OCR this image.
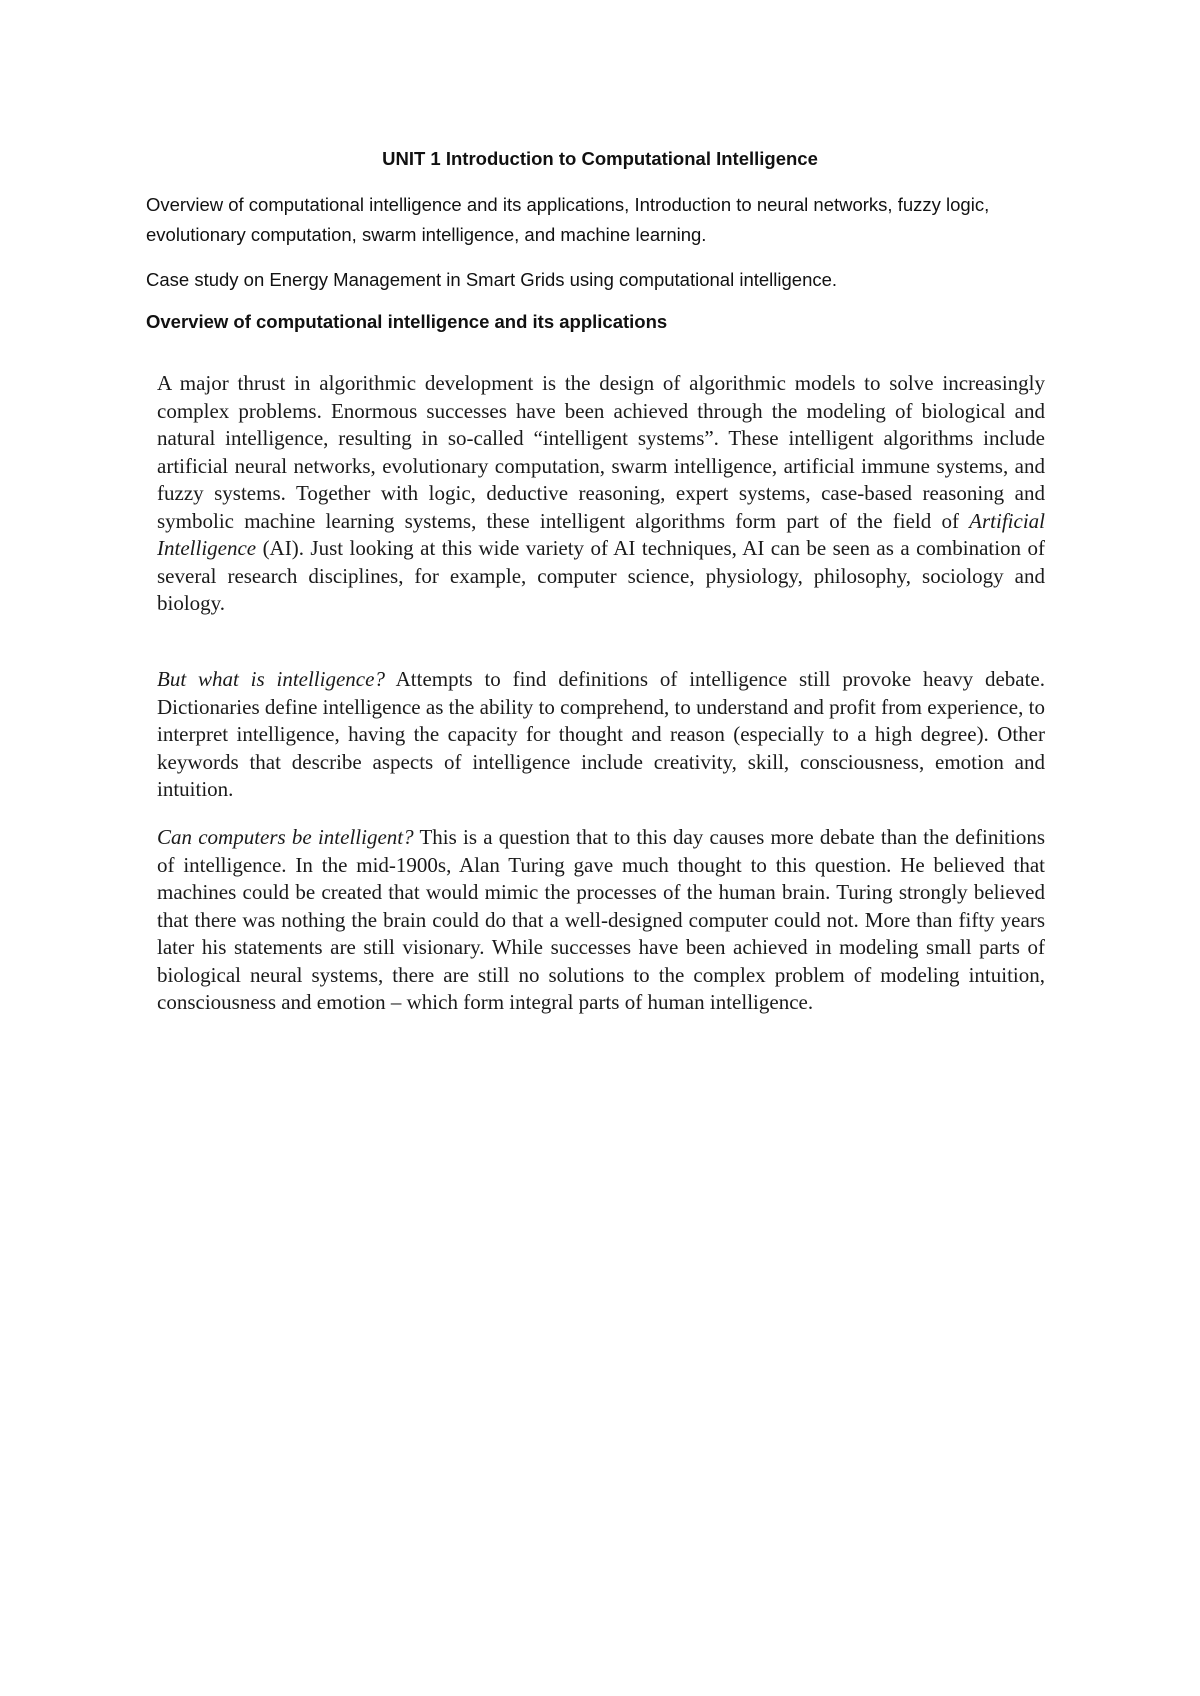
UNIT 1 Introduction to Computational Intelligence
Overview of computational intelligence and its applications, Introduction to neural networks, fuzzy logic, evolutionary computation, swarm intelligence, and machine learning.
Case study on Energy Management in Smart Grids using computational intelligence.
Overview of computational intelligence and its applications
A major thrust in algorithmic development is the design of algorithmic models to solve increasingly complex problems. Enormous successes have been achieved through the modeling of biological and natural intelligence, resulting in so-called “intelligent systems”. These intelligent algorithms include artificial neural networks, evolutionary computation, swarm intelligence, artificial immune systems, and fuzzy systems. Together with logic, deductive reasoning, expert systems, case-based reasoning and symbolic machine learning systems, these intelligent algorithms form part of the field of Artificial Intelligence (AI). Just looking at this wide variety of AI techniques, AI can be seen as a combination of several research disciplines, for example, computer science, physiology, philosophy, sociology and biology.
But what is intelligence? Attempts to find definitions of intelligence still provoke heavy debate. Dictionaries define intelligence as the ability to comprehend, to understand and profit from experience, to interpret intelligence, having the capacity for thought and reason (especially to a high degree). Other keywords that describe aspects of intelligence include creativity, skill, consciousness, emotion and intuition.
Can computers be intelligent? This is a question that to this day causes more debate than the definitions of intelligence. In the mid-1900s, Alan Turing gave much thought to this question. He believed that machines could be created that would mimic the processes of the human brain. Turing strongly believed that there was nothing the brain could do that a well-designed computer could not. More than fifty years later his statements are still visionary. While successes have been achieved in modeling small parts of biological neural systems, there are still no solutions to the complex problem of modeling intuition, consciousness and emotion – which form integral parts of human intelligence.
